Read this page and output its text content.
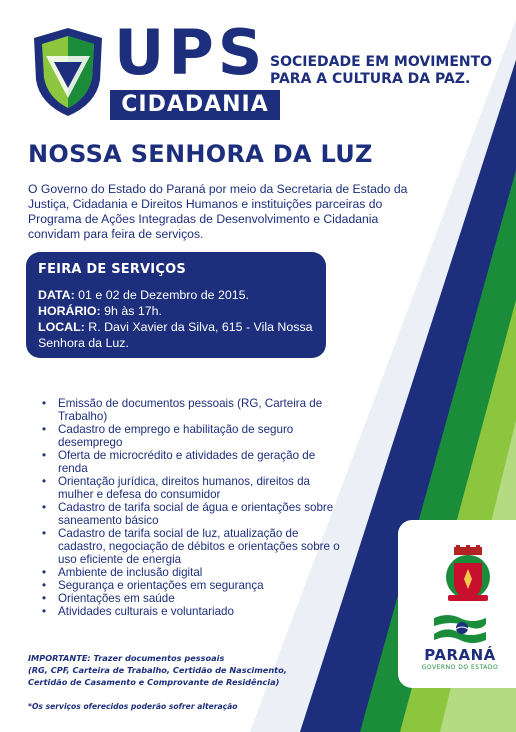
UPS
CIDADANIA
SOCIEDADE EM MOVIMENTO
PARA A CULTURA DA PAZ.
NOSSA SENHORA DA LUZ

O Governo do Estado do Paraná por meio da Secretaria de Estado da Justiça, Cidadania e Direitos Humanos e instituições parceiras do Programa de Ações Integradas de Desenvolvimento e Cidadania convidam para feira de serviços.

FEIRA DE SERVIÇOS
DATA: 01 e 02 de Dezembro de 2015.
HORÁRIO: 9h às 17h.
LOCAL: R. Davi Xavier da Silva, 615 - Vila Nossa Senhora da Luz.
• Emissão de documentos pessoais (RG, Carteira de Trabalho)
• Cadastro de emprego e habilitação de seguro desemprego
• Oferta de microcrédito e atividades de geração de renda
• Orientação jurídica, direitos humanos, direitos da mulher e defesa do consumidor
• Cadastro de tarifa social de água e orientações sobre saneamento básico
• Cadastro de tarifa social de luz, atualização de cadastro, negociação de débitos e orientações sobre o uso eficiente de energia
• Ambiente de inclusão digital
• Segurança e orientações em segurança
• Orientações em saúde
• Atividades culturais e voluntariado
IMPORTANTE: Trazer documentos pessoais
(RG, CPF, Carteira de Trabalho, Certidão de Nascimento,
Certidão de Casamento e Comprovante de Residência)
*Os serviços oferecidos poderão sofrer alteração
PARANÁ
GOVERNO DO ESTADO
